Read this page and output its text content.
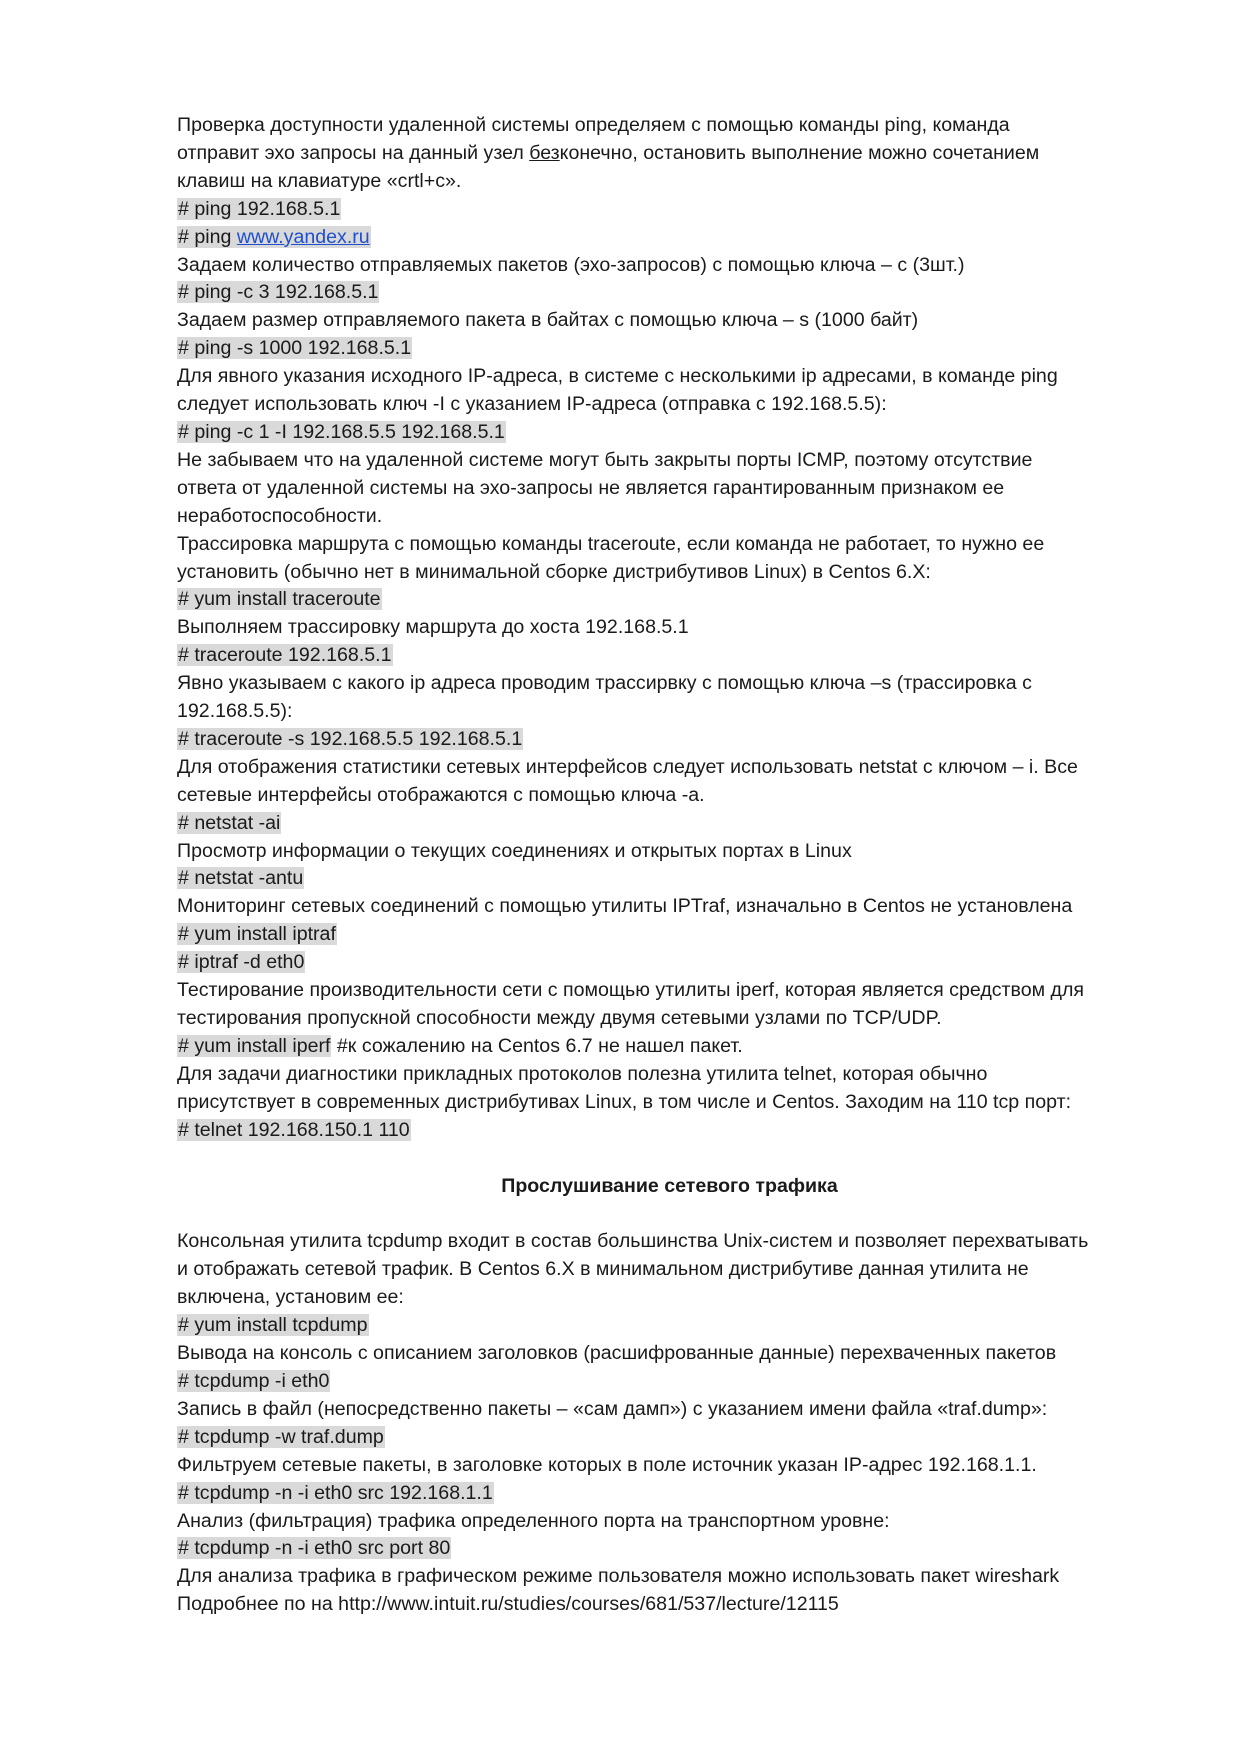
Проверка доступности удаленной системы определяем с помощью команды ping, команда
отправит эхо запросы на данный узел безконечно, остановить выполнение можно сочетанием
клавиш на клавиатуре «crtl+c».
# ping 192.168.5.1
# ping www.yandex.ru
Задаем количество отправляемых пакетов (эхо-запросов) с помощью ключа – с (3шт.)
# ping -c 3 192.168.5.1
Задаем размер отправляемого пакета в байтах с помощью ключа – s (1000 байт)
# ping -s 1000 192.168.5.1
Для явного указания исходного IP-адреса, в системе с несколькими ip адресами, в команде ping
следует использовать ключ -I с указанием IP-адреса (отправка с 192.168.5.5):
# ping -c 1 -I 192.168.5.5 192.168.5.1
Не забываем что на удаленной системе могут быть закрыты порты ICMP, поэтому отсутствие
ответа от удаленной системы на эхо-запросы не является гарантированным признаком ее
неработоспособности.
Трассировка маршрута с помощью команды traceroute, если команда не работает, то нужно ее
установить (обычно нет в минимальной сборке дистрибутивов Linux) в Centos 6.X:
# yum install traceroute
Выполняем трассировку маршрута до хоста 192.168.5.1
# traceroute 192.168.5.1
Явно указываем с какого ip адреса проводим трассирвку с помощью ключа –s (трассировка с
192.168.5.5):
# traceroute -s 192.168.5.5 192.168.5.1
Для отображения статистики сетевых интерфейсов следует использовать netstat с ключом – i. Все
сетевые интерфейсы отображаются с помощью ключа -a.
# netstat -ai
Просмотр информации о текущих соединениях и открытых портах в Linux
# netstat -antu
Мониторинг сетевых соединений с помощью утилиты IPTraf, изначально в Centos не установлена
# yum install iptraf
# iptraf -d eth0
Тестирование производительности сети с помощью утилиты iperf, которая является средством для
тестирования пропускной способности между двумя сетевыми узлами по TCP/UDP.
# yum install iperf #к сожалению на Centos 6.7 не нашел пакет.
Для задачи диагностики прикладных протоколов полезна утилита telnet, которая обычно
присутствует в современных дистрибутивах Linux, в том числе и Centos. Заходим на 110 tcp порт:
# telnet 192.168.150.1 110
Прослушивание сетевого трафика
Консольная утилита tcpdump входит в состав большинства Unix-систем и позволяет перехватывать
и отображать сетевой трафик. В Centos 6.X в минимальном дистрибутиве данная утилита не
включена, установим ее:
# yum install tcpdump
Вывода на консоль с описанием заголовков (расшифрованные данные) перехваченных пакетов
# tcpdump -i eth0
Запись в файл (непосредственно пакеты – «сам дамп») с указанием имени файла «traf.dump»:
# tcpdump -w traf.dump
Фильтруем сетевые пакеты, в заголовке которых в поле источник указан IP-адрес 192.168.1.1.
# tcpdump -n -i eth0 src 192.168.1.1
Анализ (фильтрация) трафика определенного порта на транспортном уровне:
# tcpdump -n -i eth0 src port 80
Для анализа трафика в графическом режиме пользователя можно использовать пакет wireshark
Подробнее по на http://www.intuit.ru/studies/courses/681/537/lecture/12115
